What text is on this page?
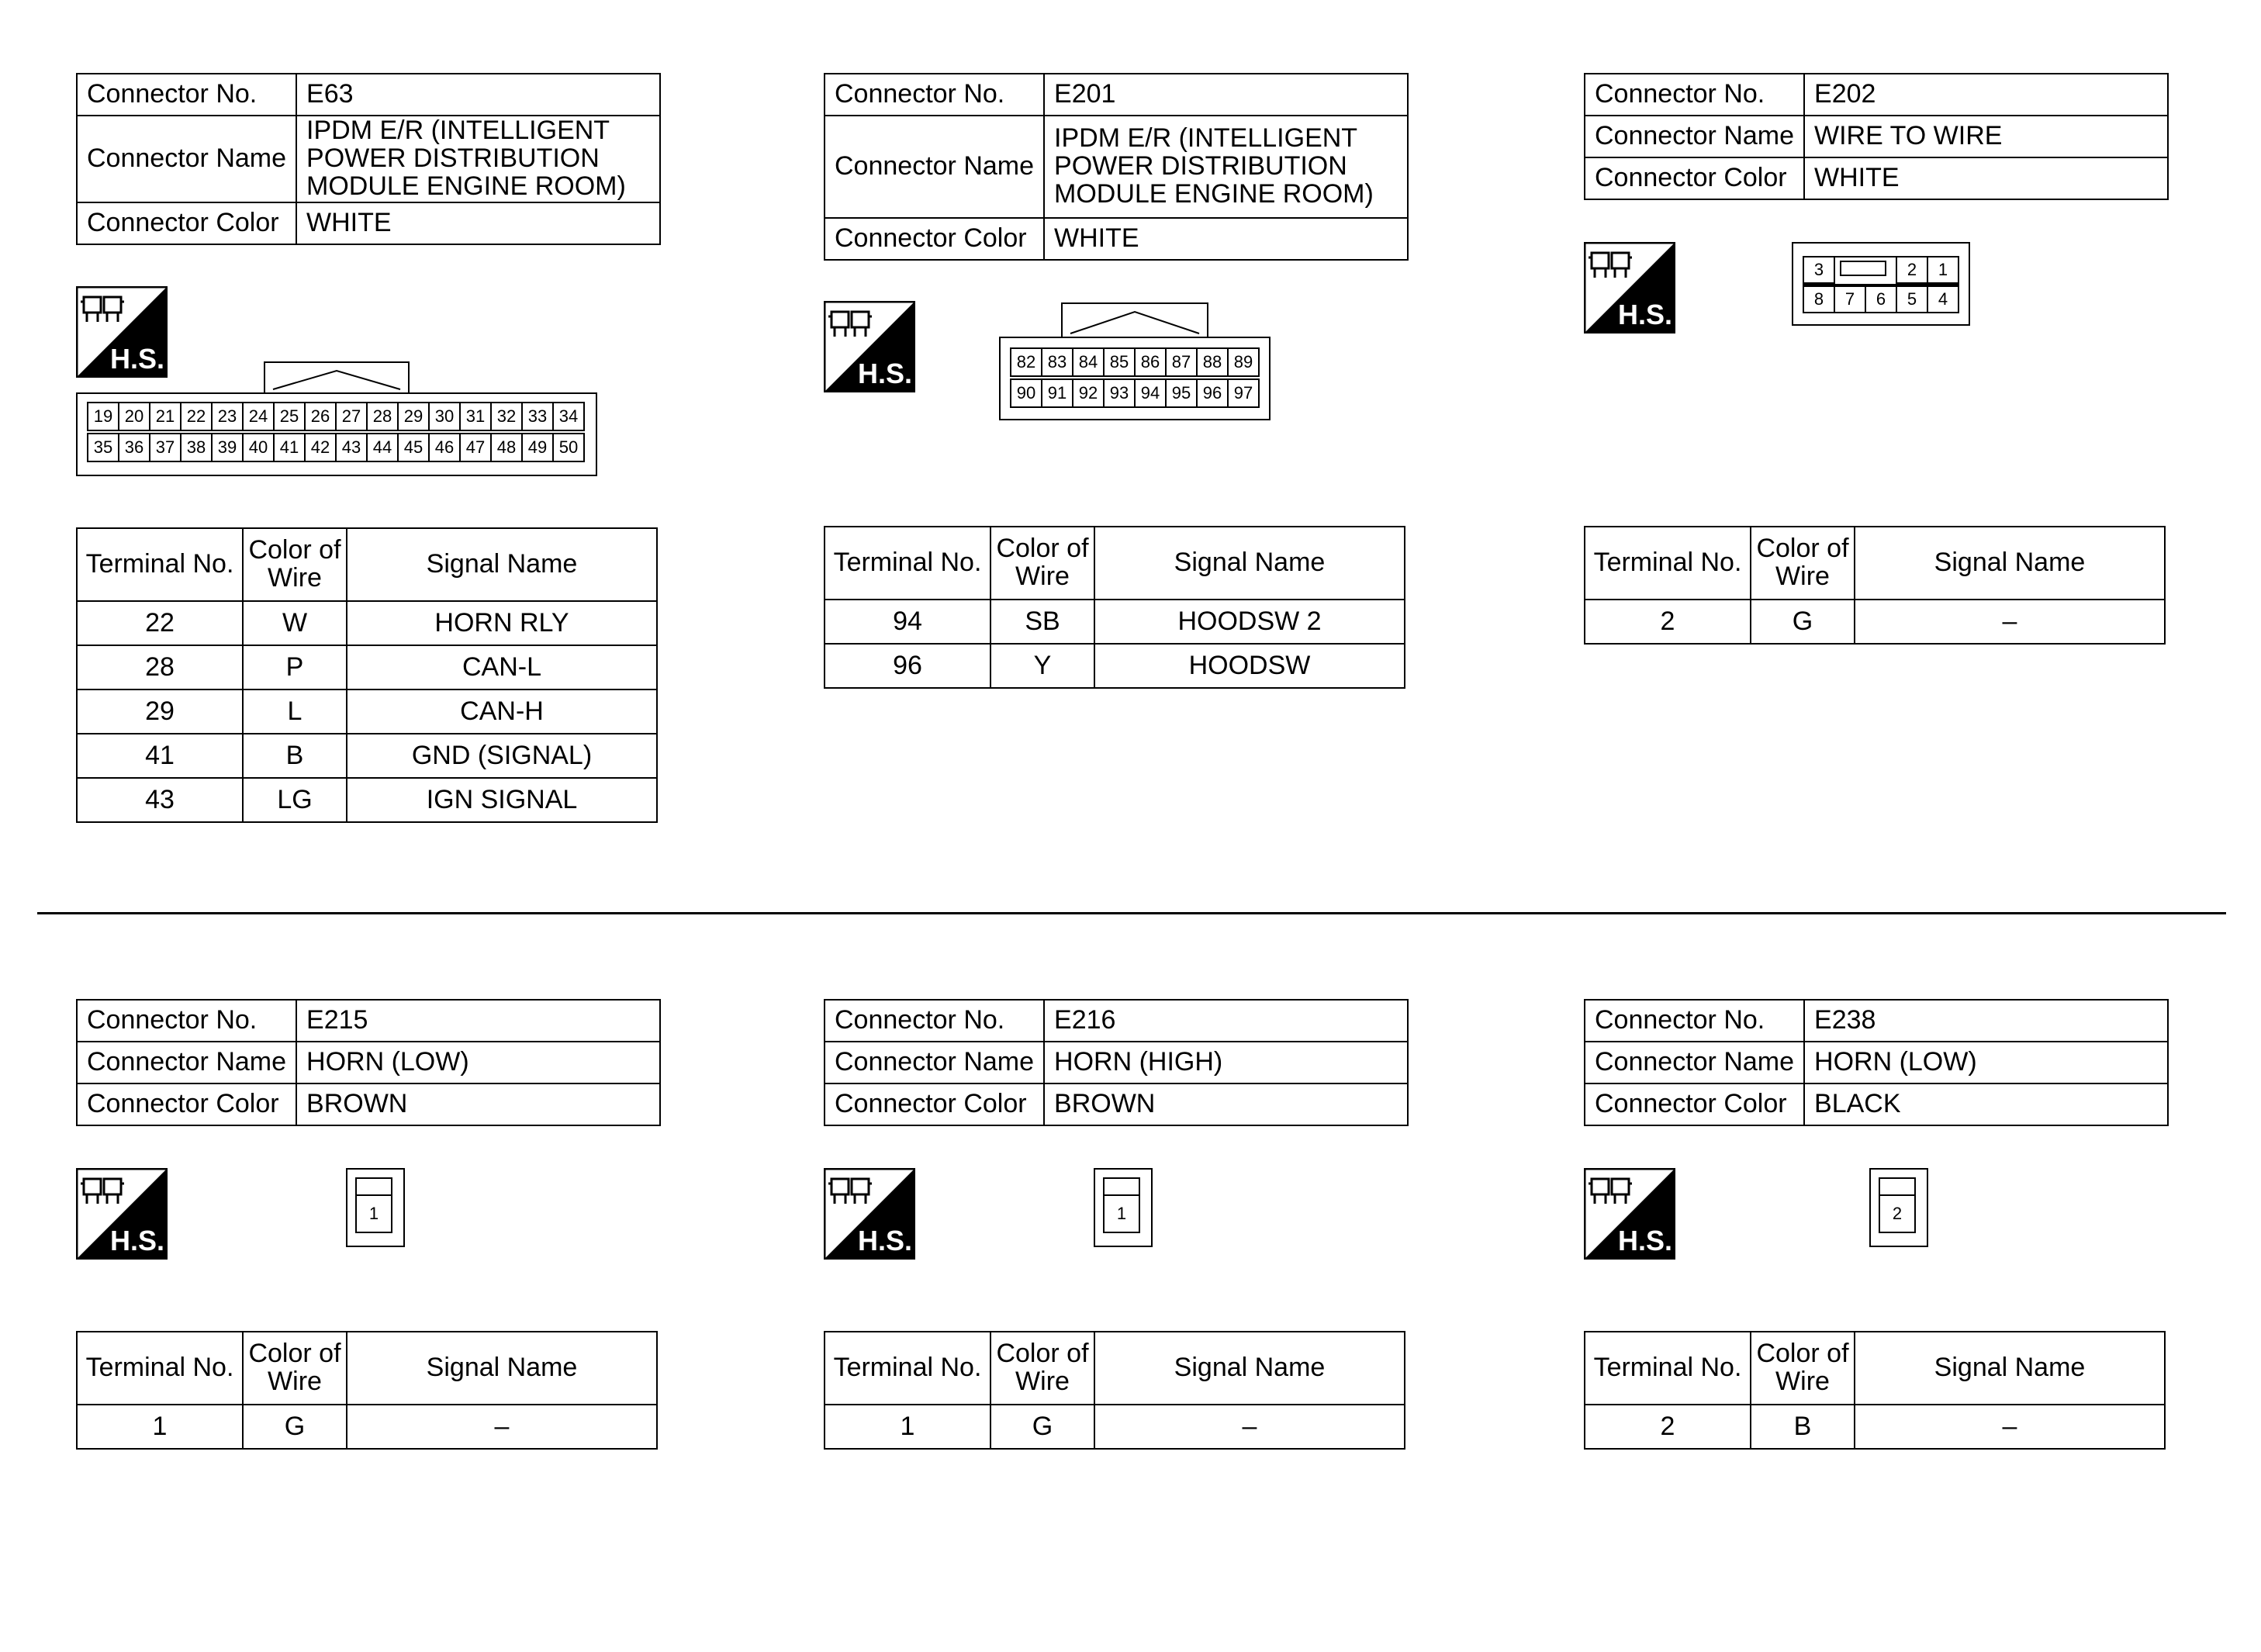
Connector No.	E63
Connector Name	IPDM E/R (INTELLIGENT POWER DISTRIBUTION MODULE ENGINE ROOM)
Connector Color	WHITE
19 20 21 22 23 24 25 26 27 28 29 30 31 32 33 34
35 36 37 38 39 40 41 42 43 44 45 46 47 48 49 50
Terminal No.	Color of Wire	Signal Name
22	W	HORN RLY
28	P	CAN-L
29	L	CAN-H
41	B	GND (SIGNAL)
43	LG	IGN SIGNAL
Connector No.	E201
Connector Name	IPDM E/R (INTELLIGENT POWER DISTRIBUTION MODULE ENGINE ROOM)
Connector Color	WHITE
82 83 84 85 86 87 88 89
90 91 92 93 94 95 96 97
Terminal No.	Color of Wire	Signal Name
94	SB	HOODSW 2
96	Y	HOODSW
Connector No.	E202
Connector Name	WIRE TO WIRE
Connector Color	WHITE
3	2	1
8	7	6	5	4
Terminal No.	Color of Wire	Signal Name
2	G	–
Connector No.	E215
Connector Name	HORN (LOW)
Connector Color	BROWN
1
Terminal No.	Color of Wire	Signal Name
1	G	–
Connector No.	E216
Connector Name	HORN (HIGH)
Connector Color	BROWN
1
Terminal No.	Color of Wire	Signal Name
1	G	–
Connector No.	E238
Connector Name	HORN (LOW)
Connector Color	BLACK
2
Terminal No.	Color of Wire	Signal Name
2	B	–
